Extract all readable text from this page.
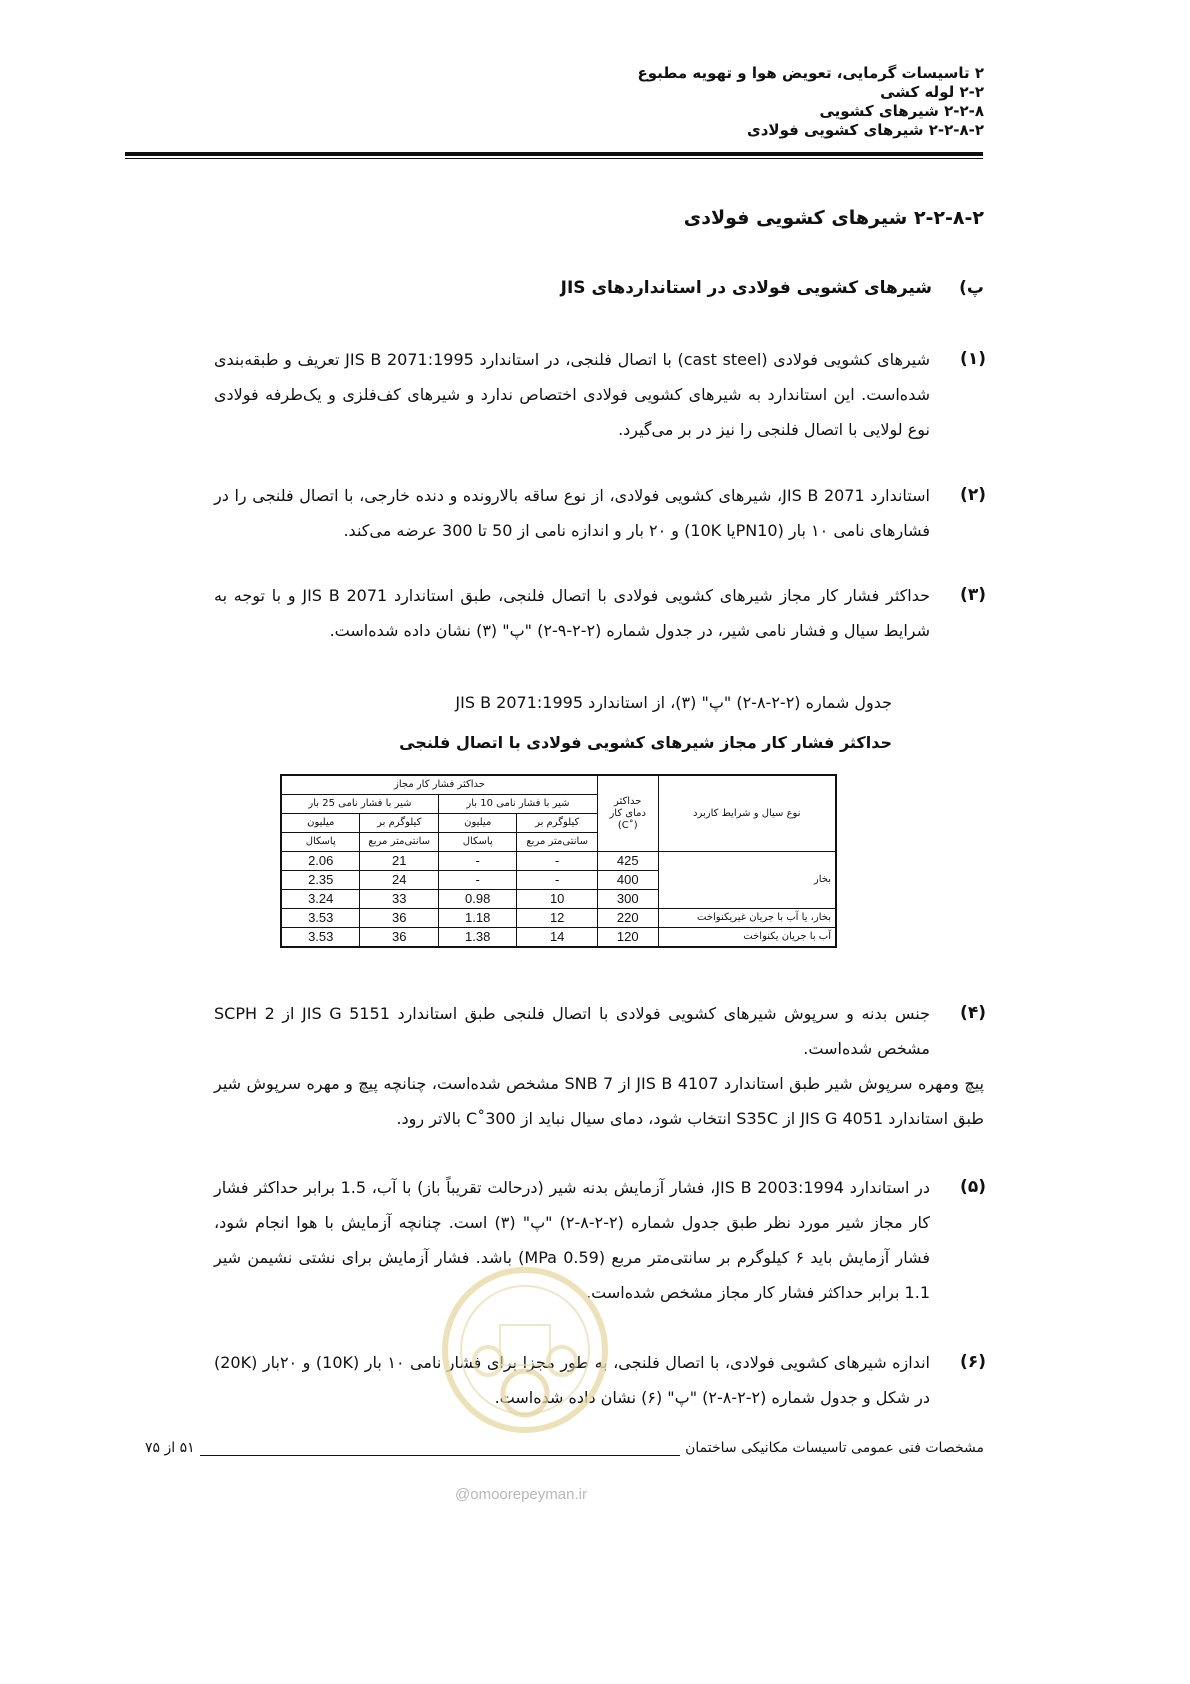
۲ تاسیسات گرمایی، تعویض هوا و تهویه مطبوع
۲-۲ لوله کشی
۲-۲-۸ شیرهای کشویی
۲-۲-۸-۲ شیرهای کشویی فولادی
۲-۲-۸-۲ شیرهای کشویی فولادی
پ)شیرهای کشویی فولادی در استانداردهای JIS
(۱)
شیرهای کشویی فولادی (cast steel) با اتصال فلنجی، در استاندارد JIS B 2071:1995 تعریف و طبقه‌بندی شده‌است. این استاندارد به شیرهای کشویی فولادی اختصاص ندارد و شیرهای کف‌فلزی و یک‌طرفه فولادی نوع لولایی با اتصال فلنجی را نیز در بر می‌گیرد.
(۲)
استاندارد JIS B 2071، شیرهای کشویی فولادی، از نوع ساقه بالارونده و دنده خارجی، با اتصال فلنجی را در فشارهای نامی ۱۰ بار (PN10یا 10K) و ۲۰ بار و اندازه نامی از 50 تا 300 عرضه می‌کند.
(۳)
حداکثر فشار کار مجاز شیرهای کشویی فولادی با اتصال فلنجی، طبق استاندارد JIS B 2071 و با توجه به شرایط سیال و فشار نامی شیر، در جدول شماره (۲-۲-۹-۲) "پ" (۳) نشان داده شده‌است.
جدول شماره (۲-۲-۸-۲) "پ" (۳)، از استاندارد JIS B 2071:1995
حداکثر فشار کار مجاز شیرهای کشویی فولادی با اتصال فلنجی
نوع سیال و شرایط کاربرد	حداکثر
دمای کار
(˚C)	حداکثر فشار کار مجاز			
		شیر با فشار نامی 10 بار		شیر با فشار نامی 25 بار	
		کیلوگرم بر	میلیون	کیلوگرم بر	میلیون
		سانتی‌متر مربع	پاسکال	سانتی‌متر مربع	پاسکال
بخار	425	-	-	21	2.06
	400	-	-	24	2.35
	300	10	0.98	33	3.24
بخار، یا آب با جریان غیریکنواخت	220	12	1.18	36	3.53
آب با جریان یکنواخت	120	14	1.38	36	3.53
(۴)
جنس بدنه و سرپوش شیرهای کشویی فولادی با اتصال فلنجی طبق استاندارد JIS G 5151 از SCPH 2 مشخص شده‌است.
پیچ ومهره سرپوش شیر طبق استاندارد JIS B 4107 از SNB 7 مشخص شده‌است، چنانچه پیچ و مهره سرپوش شیر طبق استاندارد JIS G 4051 از S35C انتخاب شود، دمای سیال نباید از 300˚C بالاتر رود.
(۵)
در استاندارد JIS B 2003:1994، فشار آزمایش بدنه شیر (درحالت تقریباً باز) با آب، 1.5 برابر حداکثر فشار کار مجاز شیر مورد نظر طبق جدول شماره (۲-۲-۸-۲) "پ" (۳) است. چنانچه آزمایش با هوا انجام شود، فشار آزمایش باید ۶ کیلوگرم بر سانتی‌متر مربع (0.59 MPa) باشد. فشار آزمایش برای نشتی نشیمن شیر 1.1 برابر حداکثر فشار کار مجاز مشخص شده‌است.
(۶)
اندازه شیرهای کشویی فولادی، با اتصال فلنجی، به طور مجزا برای فشار نامی ۱۰ بار (10K) و ۲۰بار (20K) در شکل و جدول شماره (۲-۲-۸-۲) "پ" (۶) نشان داده شده‌است.
مشخصات فنی عمومی تاسیسات مکانیکی ساختمان
۵۱ از ۷۵
@omoorepeyman.ir
